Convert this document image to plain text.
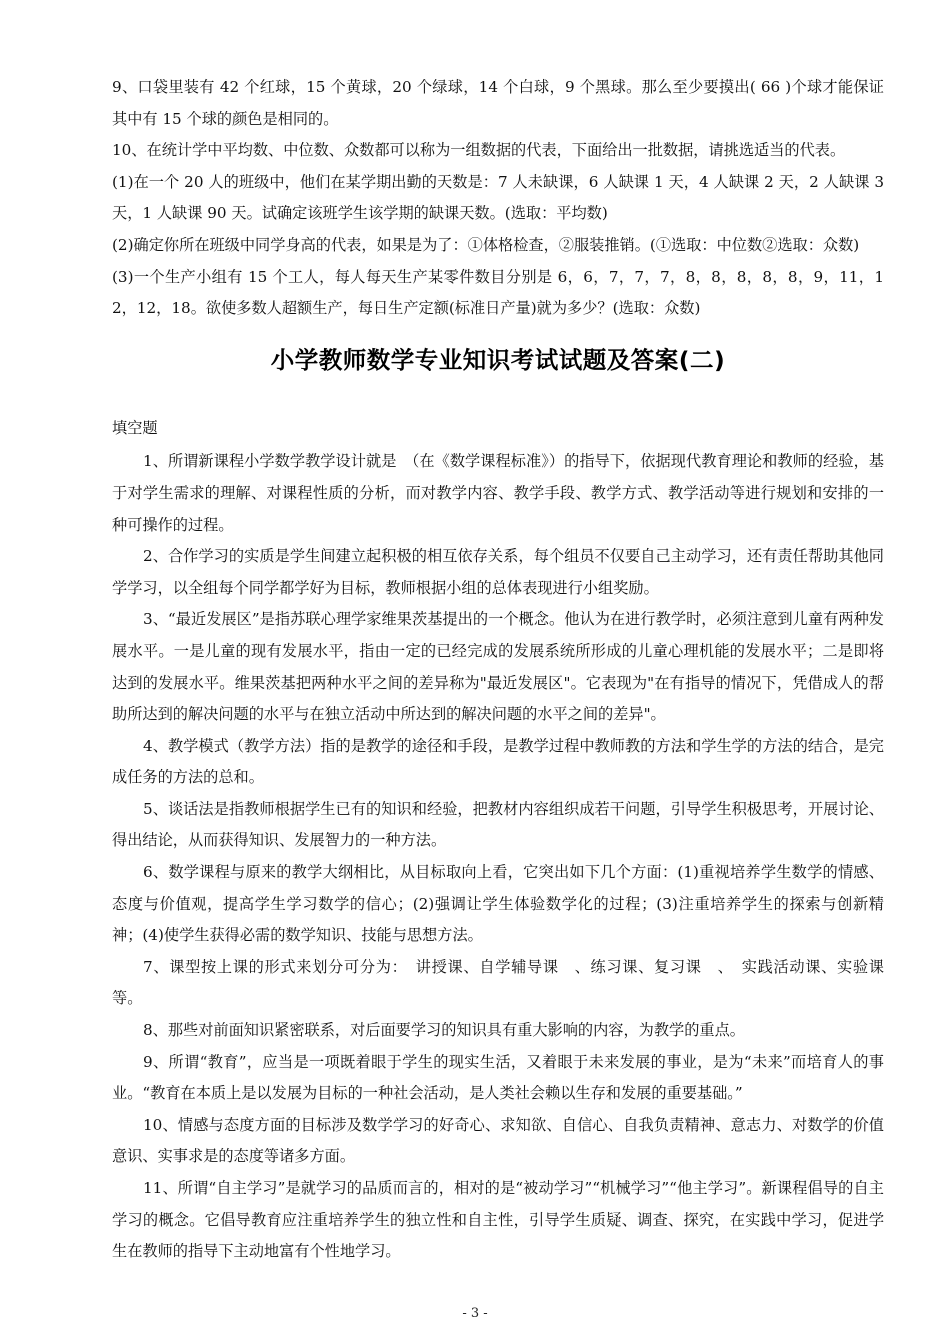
9、口袋里装有 42 个红球，15 个黄球，20 个绿球，14 个白球，9 个黑球。那么至少要摸出( 66 )个球才能保证其中有 15 个球的颜色是相同的。

10、在统计学中平均数、中位数、众数都可以称为一组数据的代表，下面给出一批数据，请挑选适当的代表。

(1)在一个 20 人的班级中，他们在某学期出勤的天数是：7 人未缺课，6 人缺课 1 天，4 人缺课 2 天，2 人缺课 3 天，1 人缺课 90 天。试确定该班学生该学期的缺课天数。(选取：平均数)

(2)确定你所在班级中同学身高的代表，如果是为了：①体格检查，②服装推销。(①选取：中位数②选取：众数)

(3)一个生产小组有 15 个工人，每人每天生产某零件数目分别是 6，6，7，7，7，8，8，8，8，8，9，11，12，12，18。欲使多数人超额生产，每日生产定额(标准日产量)就为多少？(选取：众数)

小学教师数学专业知识考试试题及答案(二)

填空题

1、所谓新课程小学数学教学设计就是　（在《数学课程标准》）的指导下，依据现代教育理论和教师的经验，基于对学生需求的理解、对课程性质的分析，而对教学内容、教学手段、教学方式、教学活动等进行规划和安排的一种可操作的过程。

2、合作学习的实质是学生间建立起积极的相互依存关系，每个组员不仅要自己主动学习，还有责任帮助其他同学学习，以全组每个同学都学好为目标，教师根据小组的总体表现进行小组奖励。

3、“最近发展区”是指苏联心理学家维果茨基提出的一个概念。他认为在进行教学时，必须注意到儿童有两种发展水平。一是儿童的现有发展水平，指由一定的已经完成的发展系统所形成的儿童心理机能的发展水平；二是即将达到的发展水平。维果茨基把两种水平之间的差异称为"最近发展区"。它表现为"在有指导的情况下，凭借成人的帮助所达到的解决问题的水平与在独立活动中所达到的解决问题的水平之间的差异"。

4、教学模式（教学方法）指的是教学的途径和手段，是教学过程中教师教的方法和学生学的方法的结合，是完成任务的方法的总和。

5、谈话法是指教师根据学生已有的知识和经验，把教材内容组织成若干问题，引导学生积极思考，开展讨论、得出结论，从而获得知识、发展智力的一种方法。

6、数学课程与原来的教学大纲相比，从目标取向上看，它突出如下几个方面：(1)重视培养学生数学的情感、态度与价值观，提高学生学习数学的信心；(2)强调让学生体验数学化的过程；(3)注重培养学生的探索与创新精神；(4)使学生获得必需的数学知识、技能与思想方法。

7、课型按上课的形式来划分可分为：　讲授课、自学辅导课　、练习课、复习课　、　实践活动课、实验课　等。

8、那些对前面知识紧密联系，对后面要学习的知识具有重大影响的内容，为教学的重点。

9、所谓“教育”，应当是一项既着眼于学生的现实生活，又着眼于未来发展的事业，是为“未来”而培育人的事业。“教育在本质上是以发展为目标的一种社会活动，是人类社会赖以生存和发展的重要基础。”

10、情感与态度方面的目标涉及数学学习的好奇心、求知欲、自信心、自我负责精神、意志力、对数学的价值意识、实事求是的态度等诸多方面。

11、所谓“自主学习”是就学习的品质而言的，相对的是“被动学习”“机械学习”“他主学习”。新课程倡导的自主学习的概念。它倡导教育应注重培养学生的独立性和自主性，引导学生质疑、调查、探究，在实践中学习，促进学生在教师的指导下主动地富有个性地学习。

- 3 -
